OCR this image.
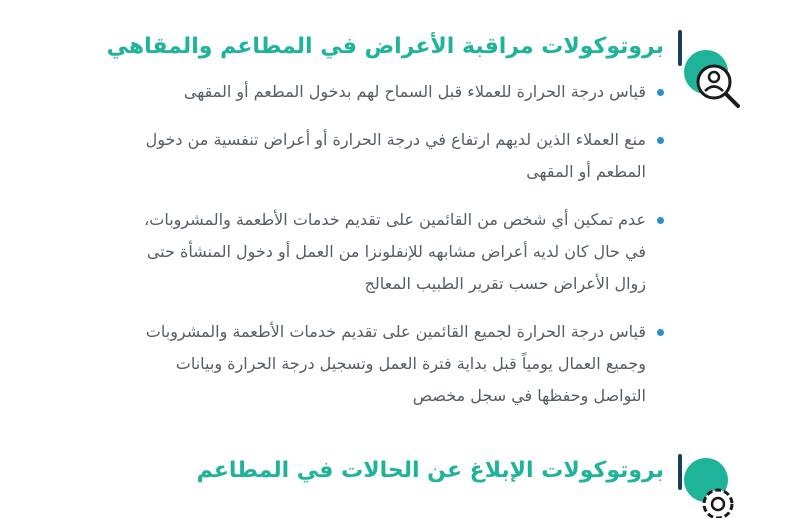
بروتوكولات مراقبة الأعراض في المطاعم والمقاهي
قياس درجة الحرارة للعملاء قبل السماح لهم بدخول المطعم أو المقهى
منع العملاء الذين لديهم ارتفاع في درجة الحرارة أو أعراض تنفسية من دخول المطعم أو المقهى
عدم تمكين أي شخص من القائمين على تقديم خدمات الأطعمة والمشروبات، في حال كان لديه أعراض مشابهه للإنفلونزا من العمل أو دخول المنشأة حتى زوال الأعراض حسب تقرير الطبيب المعالج
قياس درجة الحرارة لجميع القائمين على تقديم خدمات الأطعمة والمشروبات وجميع العمال يومياً قبل بداية فترة العمل وتسجيل درجة الحرارة وبيانات التواصل وحفظها في سجل مخصص
بروتوكولات الإبلاغ عن الحالات في المطاعم
